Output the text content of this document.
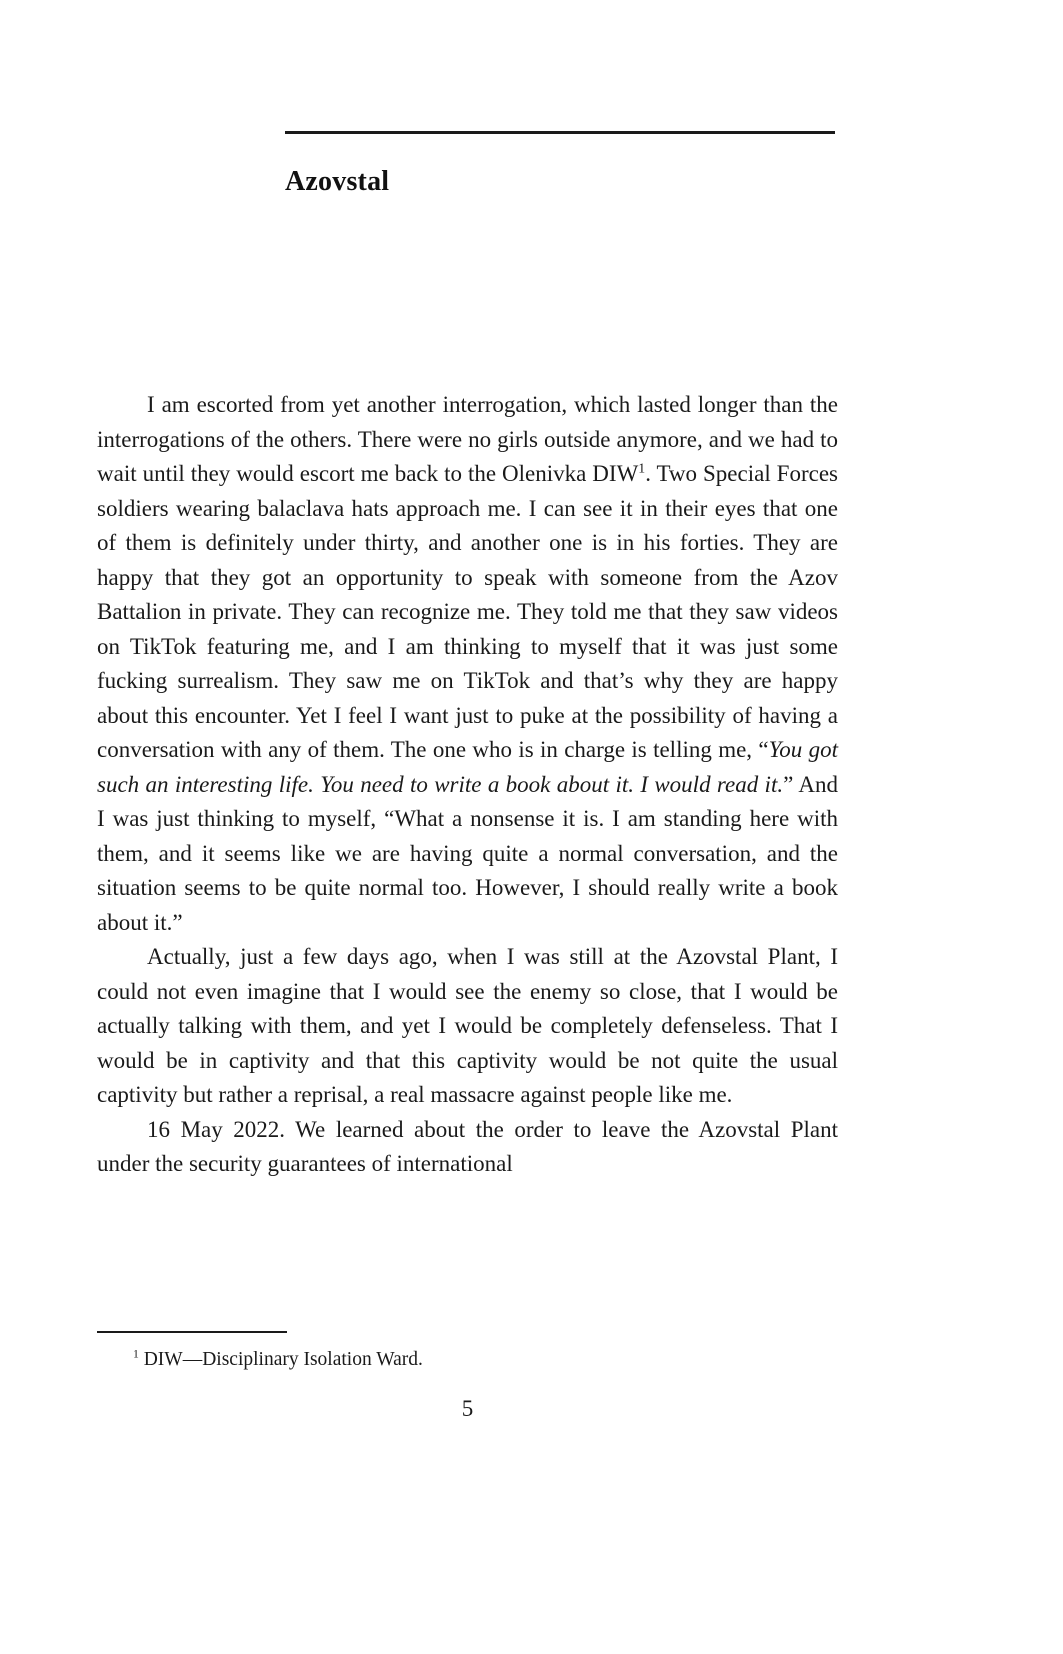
Azovstal

I am escorted from yet another interrogation, which lasted longer than the interrogations of the others. There were no girls outside anymore, and we had to wait until they would escort me back to the Olenivka DIW$^1$. Two Special Forces soldiers wearing balaclava hats approach me. I can see it in their eyes that one of them is definitely under thirty, and another one is in his forties. They are happy that they got an opportunity to speak with someone from the Azov Battalion in private. They can recognize me. They told me that they saw videos on TikTok featuring me, and I am thinking to myself that it was just some fucking surrealism. They saw me on TikTok and that’s why they are happy about this encounter. Yet I feel I want just to puke at the possibility of having a conversation with any of them. The one who is in charge is telling me, “You got such an interesting life. You need to write a book about it. I would read it.” And I was just thinking to myself, “What a nonsense it is. I am standing here with them, and it seems like we are having quite a normal conversation, and the situation seems to be quite normal too. However, I should really write a book about it.”

Actually, just a few days ago, when I was still at the Azovstal Plant, I could not even imagine that I would see the enemy so close, that I would be actually talking with them, and yet I would be completely defenseless. That I would be in captivity and that this captivity would be not quite the usual captivity but rather a reprisal, a real massacre against people like me.

16 May 2022. We learned about the order to leave the Azovstal Plant under the security guarantees of international

$^1$ DIW—Disciplinary Isolation Ward.
5
